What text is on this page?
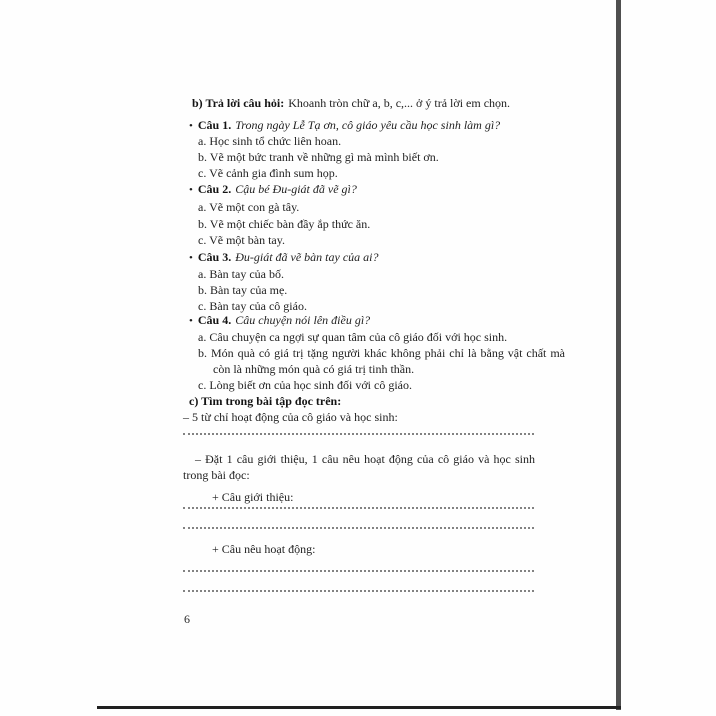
b) Trả lời câu hỏi: Khoanh tròn chữ a, b, c,... ở ý trả lời em chọn.
• Câu 1. Trong ngày Lễ Tạ ơn, cô giáo yêu cầu học sinh làm gì?
a. Học sinh tổ chức liên hoan.
b. Vẽ một bức tranh về những gì mà mình biết ơn.
c. Vẽ cảnh gia đình sum họp.
• Câu 2. Cậu bé Đu-giát đã vẽ gì?
a. Vẽ một con gà tây.
b. Vẽ một chiếc bàn đầy ắp thức ăn.
c. Vẽ một bàn tay.
• Câu 3. Đu-giát đã vẽ bàn tay của ai?
a. Bàn tay của bố.
b. Bàn tay của mẹ.
c. Bàn tay của cô giáo.
• Câu 4. Câu chuyện nói lên điều gì?
a. Câu chuyện ca ngợi sự quan tâm của cô giáo đối với học sinh.
b. Món quà có giá trị tặng người khác không phải chỉ là bằng vật chất mà còn là những món quà có giá trị tinh thần.
c. Lòng biết ơn của học sinh đối với cô giáo.
c) Tìm trong bài tập đọc trên:
– 5 từ chỉ hoạt động của cô giáo và học sinh:
– Đặt 1 câu giới thiệu, 1 câu nêu hoạt động của cô giáo và học sinh trong bài đọc:
+ Câu giới thiệu:
+ Câu nêu hoạt động:
6
